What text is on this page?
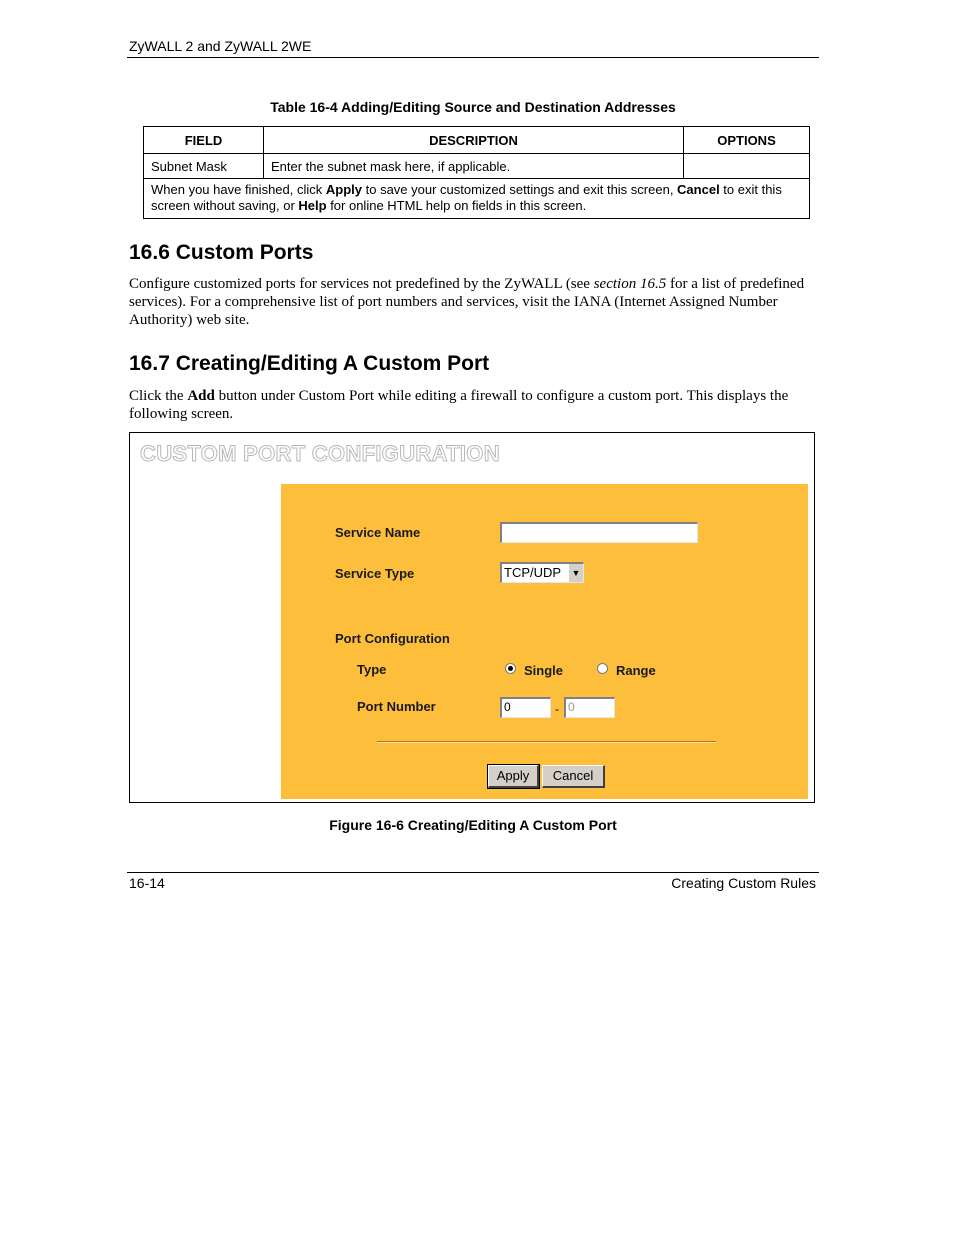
ZyWALL 2 and ZyWALL 2WE
Table 16-4 Adding/Editing Source and Destination Addresses
FIELD	DESCRIPTION	OPTIONS
Subnet Mask	Enter the subnet mask here, if applicable.	
When you have finished, click Apply to save your customized settings and exit this screen, Cancel to exit this screen without saving, or Help for online HTML help on fields in this screen.		
16.6 Custom Ports
Configure customized ports for services not predefined by the ZyWALL (see section 16.5 for a list of predefined services). For a comprehensive list of port numbers and services, visit the IANA (Internet Assigned Number Authority) web site.
16.7 Creating/Editing A Custom Port
Click the Add button under Custom Port while editing a firewall to configure a custom port. This displays the following screen.
CUSTOM PORT CONFIGURATION
Service Name
Service Type	TCP/UDP	▼
Port Configuration
Type	Single	Range
Port Number	0	- 0
Apply	Cancel
Figure 16-6 Creating/Editing A Custom Port
16-14	Creating Custom Rules
